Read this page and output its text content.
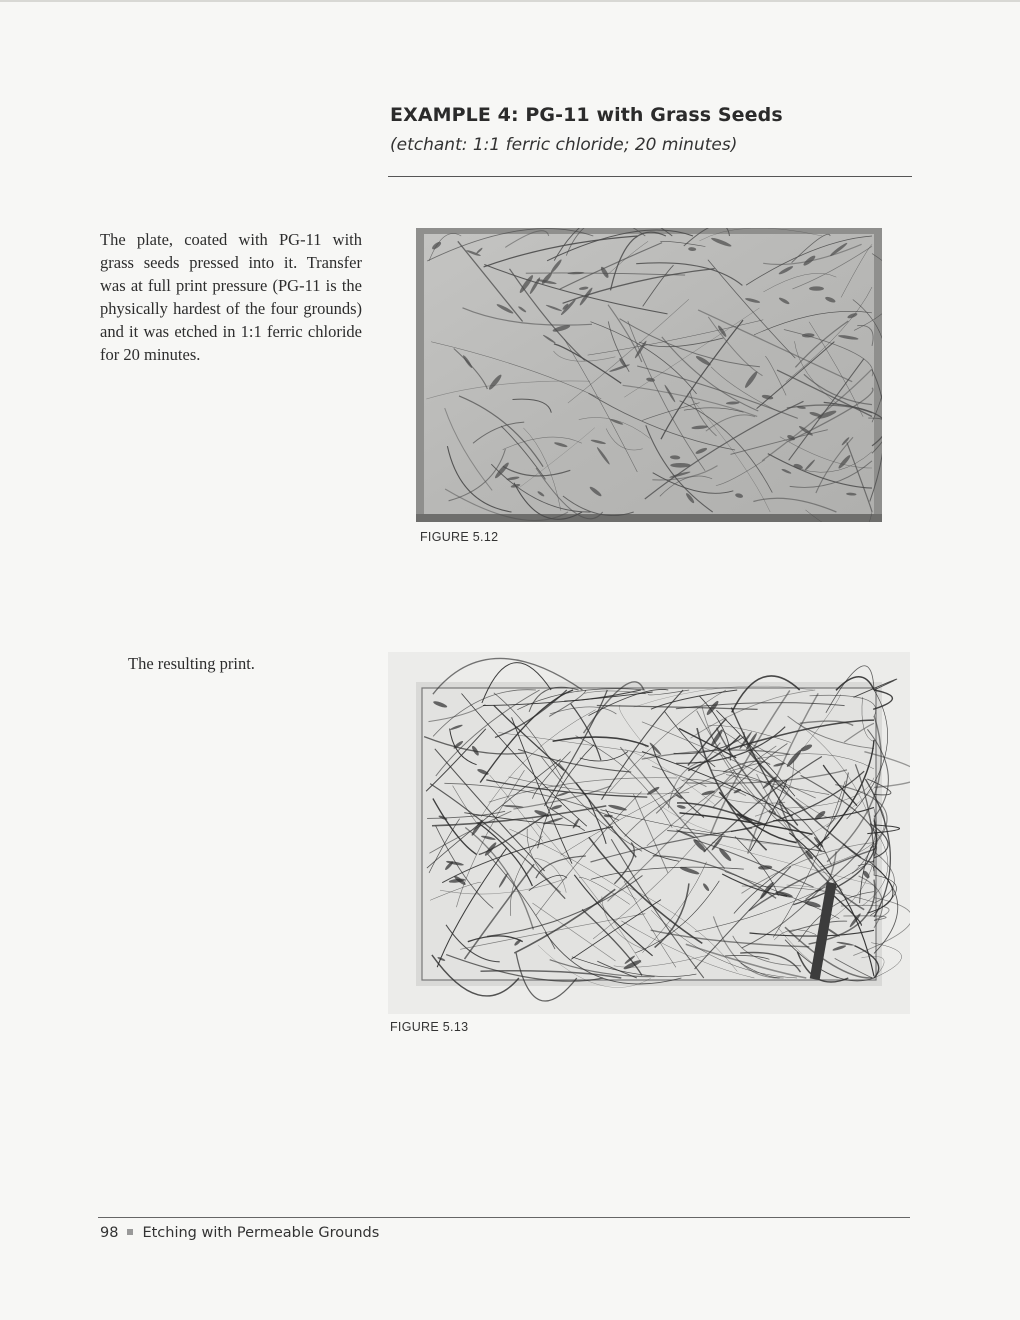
EXAMPLE 4: PG-11 with Grass Seeds
(etchant: 1:1 ferric chloride; 20 minutes)

The plate, coated with PG-11 with grass seeds pressed into it. Transfer was at full print pressure (PG-11 is the physically hardest of the four grounds) and it was etched in 1:1 ferric chloride for 20 minutes.

FIGURE 5.12
The resulting print.
FIGURE 5.13
98 Etching with Permeable Grounds
